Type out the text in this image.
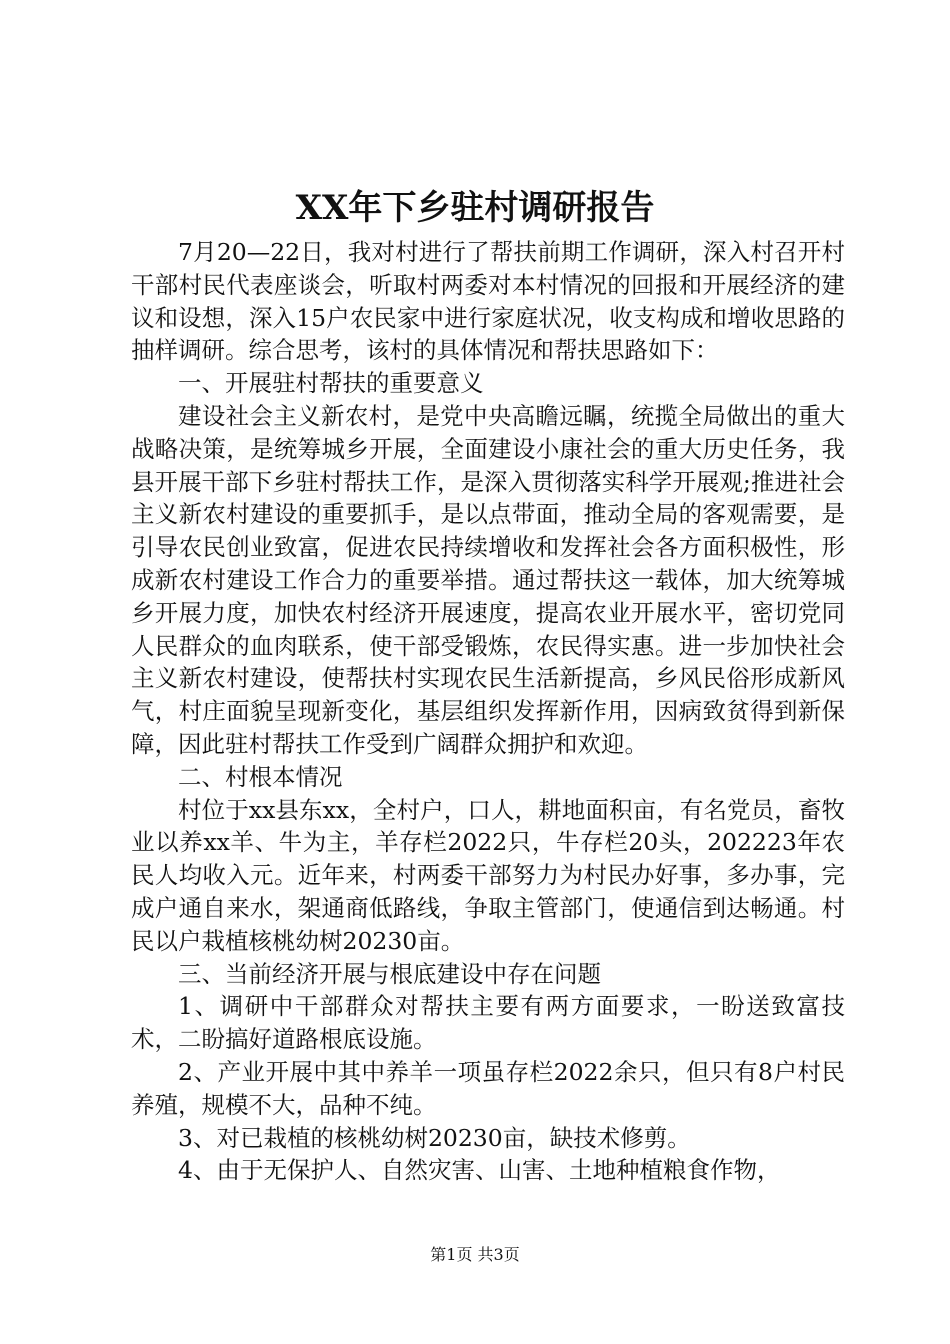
XX年下乡驻村调研报告

7月20—22日，我对村进行了帮扶前期工作调研，深入村召开村干部村民代表座谈会，听取村两委对本村情况的回报和开展经济的建议和设想，深入15户农民家中进行家庭状况，收支构成和增收思路的抽样调研。综合思考，该村的具体情况和帮扶思路如下：

一、开展驻村帮扶的重要意义

建设社会主义新农村，是党中央高瞻远瞩，统揽全局做出的重大战略决策，是统筹城乡开展，全面建设小康社会的重大历史任务，我县开展干部下乡驻村帮扶工作，是深入贯彻落实科学开展观;推进社会主义新农村建设的重要抓手，是以点带面，推动全局的客观需要，是引导农民创业致富，促进农民持续增收和发挥社会各方面积极性，形成新农村建设工作合力的重要举措。通过帮扶这一载体，加大统筹城乡开展力度，加快农村经济开展速度，提高农业开展水平，密切党同人民群众的血肉联系，使干部受锻炼，农民得实惠。进一步加快社会主义新农村建设，使帮扶村实现农民生活新提高，乡风民俗形成新风气，村庄面貌呈现新变化，基层组织发挥新作用，因病致贫得到新保障，因此驻村帮扶工作受到广阔群众拥护和欢迎。

二、村根本情况

村位于xx县东xx，全村户，口人，耕地面积亩，有名党员，畜牧业以养xx羊、牛为主，羊存栏2022只，牛存栏20头，202223年农民人均收入元。近年来，村两委干部努力为村民办好事，多办事，完成户通自来水，架通商低路线，争取主管部门，使通信到达畅通。村民以户栽植核桃幼树20230亩。

三、当前经济开展与根底建设中存在问题

1、调研中干部群众对帮扶主要有两方面要求，一盼送致富技术，二盼搞好道路根底设施。

2、产业开展中其中养羊一项虽存栏2022余只，但只有8户村民养殖，规模不大，品种不纯。

3、对已栽植的核桃幼树20230亩，缺技术修剪。

4、由于无保护人、自然灾害、山害、土地种植粮食作物，

第1页 共3页
